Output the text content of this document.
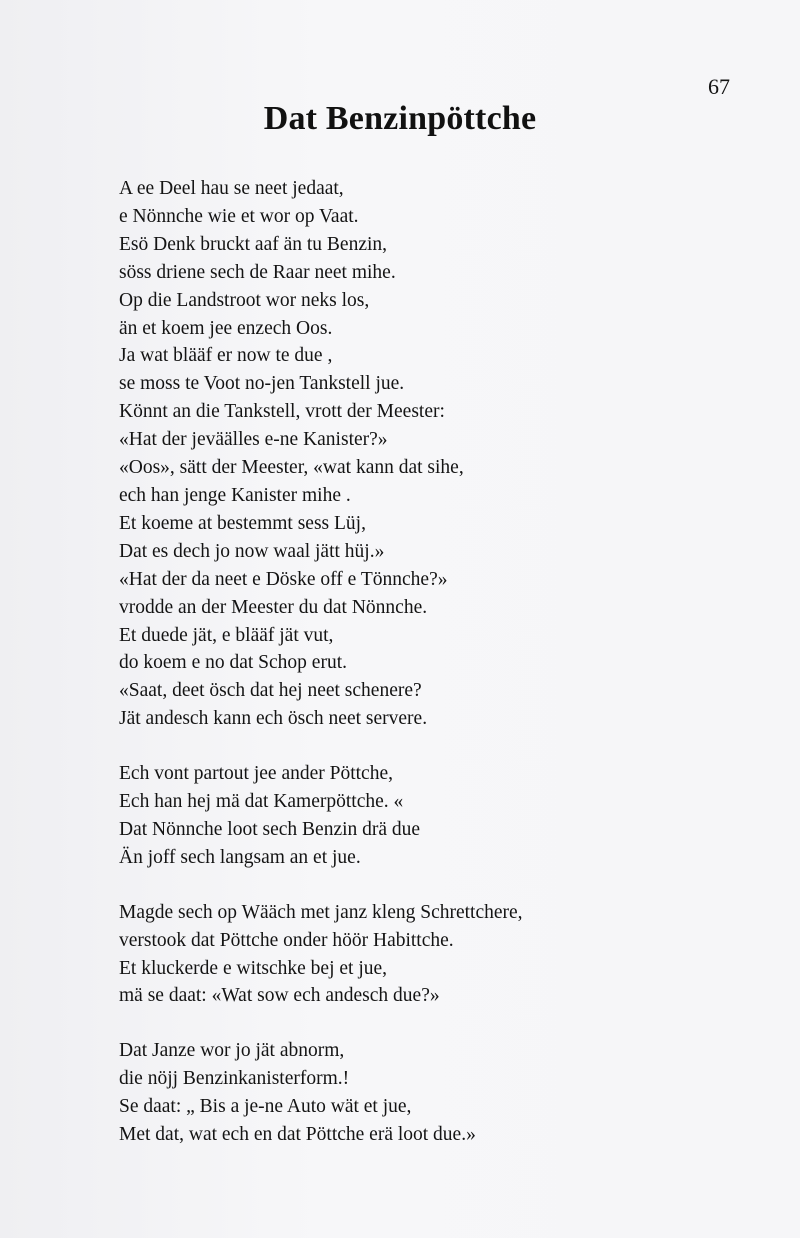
67
Dat Benzinpöttche
A ee Deel hau se neet jedaat,
e Nönnche wie et wor op Vaat.
Esö Denk bruckt aaf än tu Benzin,
söss driene sech de Raar neet mihe.
Op die Landstroot wor neks los,
än et koem jee enzech Oos.
Ja wat blääf er now te due ,
se moss te Voot no-jen Tankstell jue.
Könnt an die Tankstell, vrott der Meester:
«Hat der jeväälles e-ne Kanister?»
«Oos», sätt der Meester, «wat kann dat sihe,
ech han jenge Kanister mihe .
Et koeme at bestemmt sess Lüj,
Dat es dech jo now waal jätt hüj.»
«Hat der da neet e Döske off e Tönnche?»
vrodde an der Meester du dat Nönnche.
Et duede jät, e blääf jät vut,
do koem e no dat Schop erut.
«Saat, deet ösch dat hej neet schenere?
Jät andesch kann ech ösch neet servere.
Ech vont partout jee ander Pöttche,
Ech han hej mä dat Kamerpöttche. «
Dat Nönnche loot sech Benzin drä due
Än joff sech langsam an et jue.
Magde sech op Wääch met janz kleng Schrettchere,
verstook dat Pöttche onder höör Habittche.
Et kluckerde e witschke bej et jue,
mä se daat: «Wat sow ech andesch due?»
Dat Janze wor jo jät abnorm,
die nöjj Benzinkanisterform.!
Se daat: „ Bis a je-ne Auto wät et jue,
Met dat, wat ech en dat Pöttche erä loot due.»
